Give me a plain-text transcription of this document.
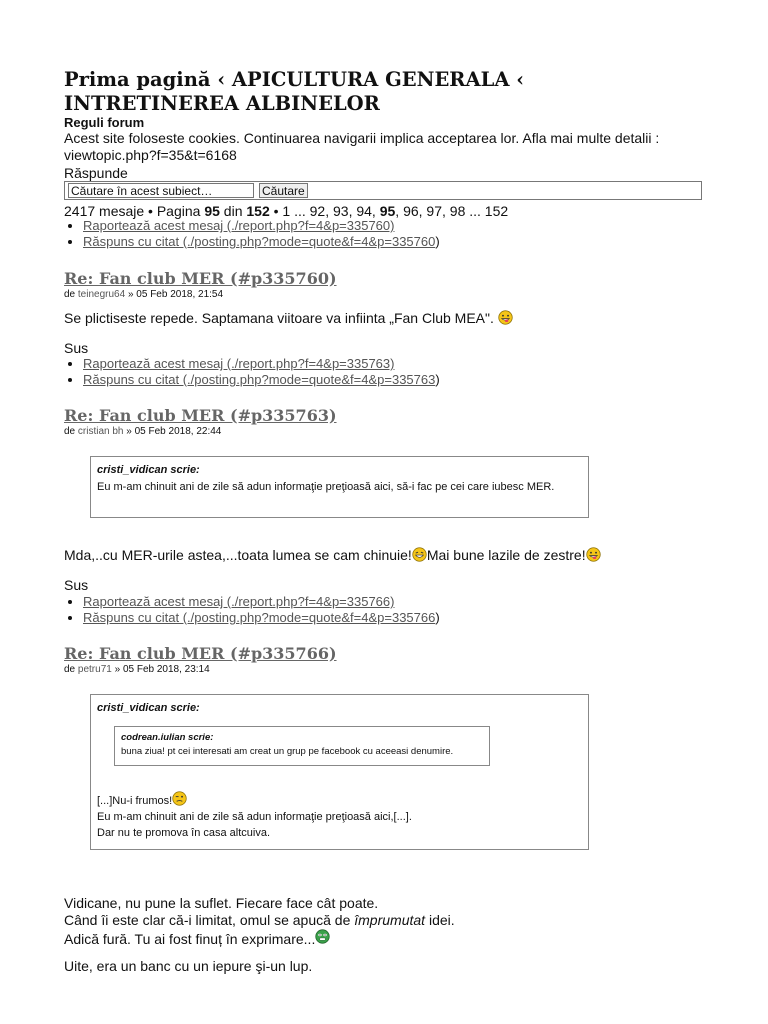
Prima pagină ‹ APICULTURA GENERALA ‹ INTRETINEREA ALBINELOR
Reguli forum
Acest site foloseste cookies. Continuarea navigarii implica acceptarea lor. Afla mai multe detalii : viewtopic.php?f=35&t=6168
Răspunde
Căutare în acest subiect…
Căutare
2417 mesaje • Pagina 95 din 152 • 1 ... 92, 93, 94, 95, 96, 97, 98 ... 152
• Raportează acest mesaj (./report.php?f=4&p=335760)
• Răspuns cu citat (./posting.php?mode=quote&f=4&p=335760)
Re: Fan club MER (#p335760)
de teinegru64 » 05 Feb 2018, 21:54
Se plictiseste repede. Saptamana viitoare va infiinta „Fan Club MEA".
Sus
• Raportează acest mesaj (./report.php?f=4&p=335763)
• Răspuns cu citat (./posting.php?mode=quote&f=4&p=335763)
Re: Fan club MER (#p335763)
de cristian bh » 05 Feb 2018, 22:44
cristi_vidican scrie:
Eu m-am chinuit ani de zile să adun informaţie preţioasă aici, să-i fac pe cei care iubesc MER.
Mda,..cu MER-urile astea,...toata lumea se cam chinuie! Mai bune lazile de zestre!
Sus
• Raportează acest mesaj (./report.php?f=4&p=335766)
• Răspuns cu citat (./posting.php?mode=quote&f=4&p=335766)
Re: Fan club MER (#p335766)
de petru71 » 05 Feb 2018, 23:14
cristi_vidican scrie:
codrean.iulian scrie:
buna ziua! pt cei interesati am creat un grup pe facebook cu aceeasi denumire.
[...]Nu-i frumos!
Eu m-am chinuit ani de zile să adun informaţie preţioasă aici,[...].
Dar nu te promova în casa altcuiva.
Vidicane, nu pune la suflet. Fiecare face cât poate.
Când îi este clar că-i limitat, omul se apucă de împrumutat idei.
Adică fură. Tu ai fost finuț în exprimare...
Uite, era un banc cu un iepure şi-un lup.
